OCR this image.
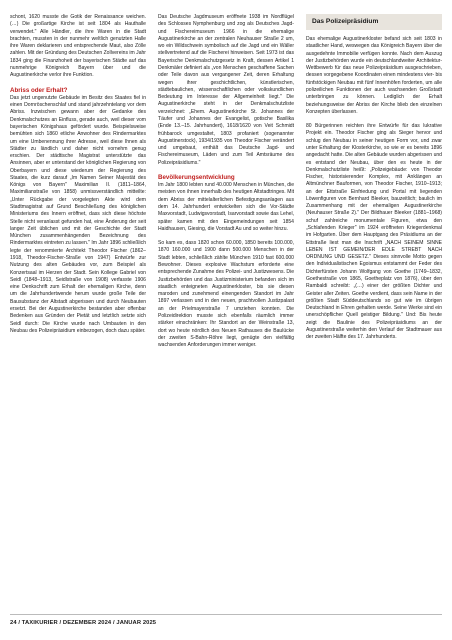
schont, 1620 musste die Gotik der Renaissance weichen. (…) Die großartige Kirche ist seit 1804 als Hauthalle verwendet." Alle Händler, die ihre Waren in die Stadt brachten, mussten in der nunmehr weltlich genutzten Halle ihre Waren deklarieren und entsprechende Maut, also Zölle zahlen. Mit der Gründung des Deutschen Zollvereins im Jahr 1834 ging die Finanzhoheit der bayerischen Städte auf das nunmehrige Königreich Bayern über und die Augustinerkirche verlor ihre Funktion.

Abriss oder Erhalt?

Das jetzt ungenutzte Gebäude im Besitz des Staates fiel in einen Dornröschenschlaf und stand jahrzehntelang vor dem Abriss. Inzwischen gewann aber der Gedanke des Denkmalschutzes an Einfluss, gerade auch, weil dieser vom bayerischen Königshaus gefördert wurde. Beispielsweise bemühten sich 1860 etliche Anwohner des Rindermarktes um eine Umbenennung ihrer Adresse, weil diese Ihnen als Städter zu ländlich und daher nicht vornehm genug erschien. Der städtische Magistrat unterstützte das Ansinnen, aber er unterstand der königlichen Regierung von Oberbayern und diese wiederum der Regierung des Staates, die kurz darauf „Im Namen Seiner Majestät des Königs von Bayern" Maximilian II. (1811–1864, Maximilianstraße von 1858) unmissverständlich mitteilte: „Unter Rückgabe der vorgelegten Akte wird dem Stadtmagistrat auf Grund Beschließung des königlichen Ministeriums des Innern eröffnet, dass sich diese höchste Stelle nicht veranlasst gefunden hat, eine Änderung der seit langer Zeit üblichen und mit der Geschichte der Stadt München zusammenhängenden Bezeichnung des Rindermarktes eintreten zu lassen." Im Jahr 1896 schließlich legte der renommierte Architekt Theodor Fischer (1862–1918, Theodor-Fischer-Straße von 1947) Entwürfe zur Nutzung des alten Gebäudes vor, zum Beispiel als Konzertsaal im Herzen der Stadt. Sein Kollege Gabriel von Seidl (1848–1913, Seidlstraße von 1908) verfasste 1906 eine Denkschrift zum Erhalt der ehemaligen Kirche, denn um die Jahrhundertwende herum wurde große Teile der Bausubstanz der Altstadt abgerissen und durch Neubauten ersetzt. Bei der Augustinerkirche bestanden aber offenbar Bedenken aus Gründen der Pietät und letztlich setzte sich Seidl durch: Die Kirche wurde nach Umbauten in den Neubau des Polizeipräsidium einbezogen, doch dazu später.

Das Deutsche Jagdmuseum eröffnete 1938 im Nordflügel des Schlosses Nymphenburg und zog als Deutsches Jagd- und Fischereimuseum 1966 in die ehemalige Augustinerkirche an der zentralen Neuhauser Straße 2 um, wo ein Wildschwein symbolisch auf die Jagd und ein Wäller stellvertretend auf die Fischerei hinweisen. Seit 1973 ist das Bayerische Denkmalschutzgesetz in Kraft, dessen Artikel 1 Denkmäler definiert als „von Menschen geschaffene Sachen oder Teile davon aus vergangener Zeit, deren Erhaltung wegen ihrer geschichtlichen, künstlerischen, städtebaulichen, wissenschaftlichen oder volkskundlichen Bedeutung im Interesse der Allgemeinheit liegt." Die Augustinerkirche steht in der Denkmalschutzliste verzeichnet: „Ehem. Augustinerkirche St. Johannes der Täufer und Johannes der Evangelist, gotische Basilika (Ende 13.–15. Jahrhundert), 1618/1620 von Veit Schmidt frühbarock umgestaltet, 1803 profaniert (sogenannter Augustinerstock), 1934/1935 von Theodor Fischer verändert und umgebaut, enthält das Deutsche Jagd- und Fischereimuseum, Läden und zum Teil Amtsräume des Polizeipräsidiums."

Bevölkerungsentwicklung

Im Jahr 1800 lebten rund 40.000 Menschen in München, die meisten von ihnen innerhalb des heutigen Altstadtringes. Mit dem Abriss der mittelalterlichen Befestigungsanlagen aus dem 14. Jahrhundert entwickelten sich die Vor-Städte Maxvorstadt, Ludwigsvorstadt, Isarvorstadt sowie das Lehel, später kamen mit den Eingemeindungen seit 1854 Haidhausen, Giesing, die Vorstadt Au und so weiter hinzu.

So kam es, dass 1820 schon 60.000, 1850 bereits 100.000, 1870 160.000 und 1900 dann 500.000 Menschen in der Stadt lebten, schließlich zählte München 1910 fast 600.000 Bewohner. Dieses explosive Wachstum erforderte eine entsprechende Zunahme des Polizei- und Justizwesens. Die Justizbehörden und das Justizministerium befanden sich im staatlich enteigneten Augustinerkloster, bis sie diesen maroden und zunehmend einengenden Standort im Jahr 1897 verlassen und in den neuen, prachtvollen Justizpalast an der Prielmayerstraße 7 umziehen konnten. Die Polizeidirektion musste sich ebenfalls räumlich immer stärker einschränken: Ihr Standort an der Weinstraße 13, dort wo heute nördlich des Neuen Rathauses die Baulücke der zweiten S-Bahn-Röhre liegt, genügte den vielfältig wachsenden Anforderungen immer weniger.

Das Polizeipräsidium

Das ehemalige Augustinerkloster befand sich seit 1803 in staatlicher Hand, weswegen das Königreich Bayern über die ausgedehnte Immobilie verfügen konnte. Nach dem Auszug der Justizbehörden wurde ein deutschlandweiter Architektur-Wettbewerb für das neue Polizeipräsidium ausgeschrieben, dessen vorgegebene Koordinaten einen mindestens vier- bis fünfstöckigen Neubau mit fünf Innenhöfen forderten, um alle polizeilichen Funktionen der auch wachsenden Großstadt unterbringen zu können. Lediglich der Erhalt beziehungsweise der Abriss der Kirche blieb den einzelnen Konzepten überlassen.

80 Bürgerinnen reichten ihre Entwürfe für das lukrative Projekt ein. Theodor Fischer ging als Sieger hervor und schlug den Neubau in seiner heutigen Form vor, und zwar unter Erhaltung der Klosterkirche, so wie er es bereits 1896 angedacht hatte. Die alten Gebäude wurden abgerissen und es entstand der Neubau, über den es heute in der Denkmalschutzliste heißt: „Polizeigebäude: von Theodor Fischer, historisierender Komplex, mit Anklängen an Altmünchner Bauformen, von Theodor Fischer, 1910–1913; an der Ettstraße Einfriedung und Portal mit liegenden Löwenfiguren von Bernhard Bleeker, bauzeitlich; baulich im Zusammenhang mit der ehemaligen Augustinerkirche (Neuhauser Straße 2)." Der Bildhauer Bleeker (1881–1968) schuf zahlreiche monumentale Figuren, etwa den „Schlafenden Krieger" im 1924 eröffneten Kriegerdenkmal im Hofgarten. Über dem Hauptgang des Präsidiums an der Ettstraße liest man die Inschrift „NACH SEINEM SINNE LEBEN IST GEMEIN/DER EDLE STREBT NACH ORDNUNG UND GESETZ." Dieses sinnvolle Motto gegen den Individualistischen Egoismus entstammt der Feder des Dichterfürsten Johann Wolfgang von Goethe (1749–1832, Goethestraße von 1865, Goetheplatz von 1876), über den Rambaldi schreibt: „(…) einer der größten Dichter und Geister aller Zeiten. Goethe verdient, dass sein Name in der größten Stadt Süddeutschlands so gut wie im übrigen Deutschland in Ehren gehalten werde. Seine Werke sind ein unerschöpflicher Quell geistiger Bildung." Und: Bis heute zeigt die Baulinie des Polizeipräsidiums an der Augustinerstraße weiterhin den Verlauf der Stadtmauer aus der zweiten Hälfte des 17. Jahrhunderts.

24 / TAXIKURIER / DEZEMBER 2024 / JANUAR 2025
